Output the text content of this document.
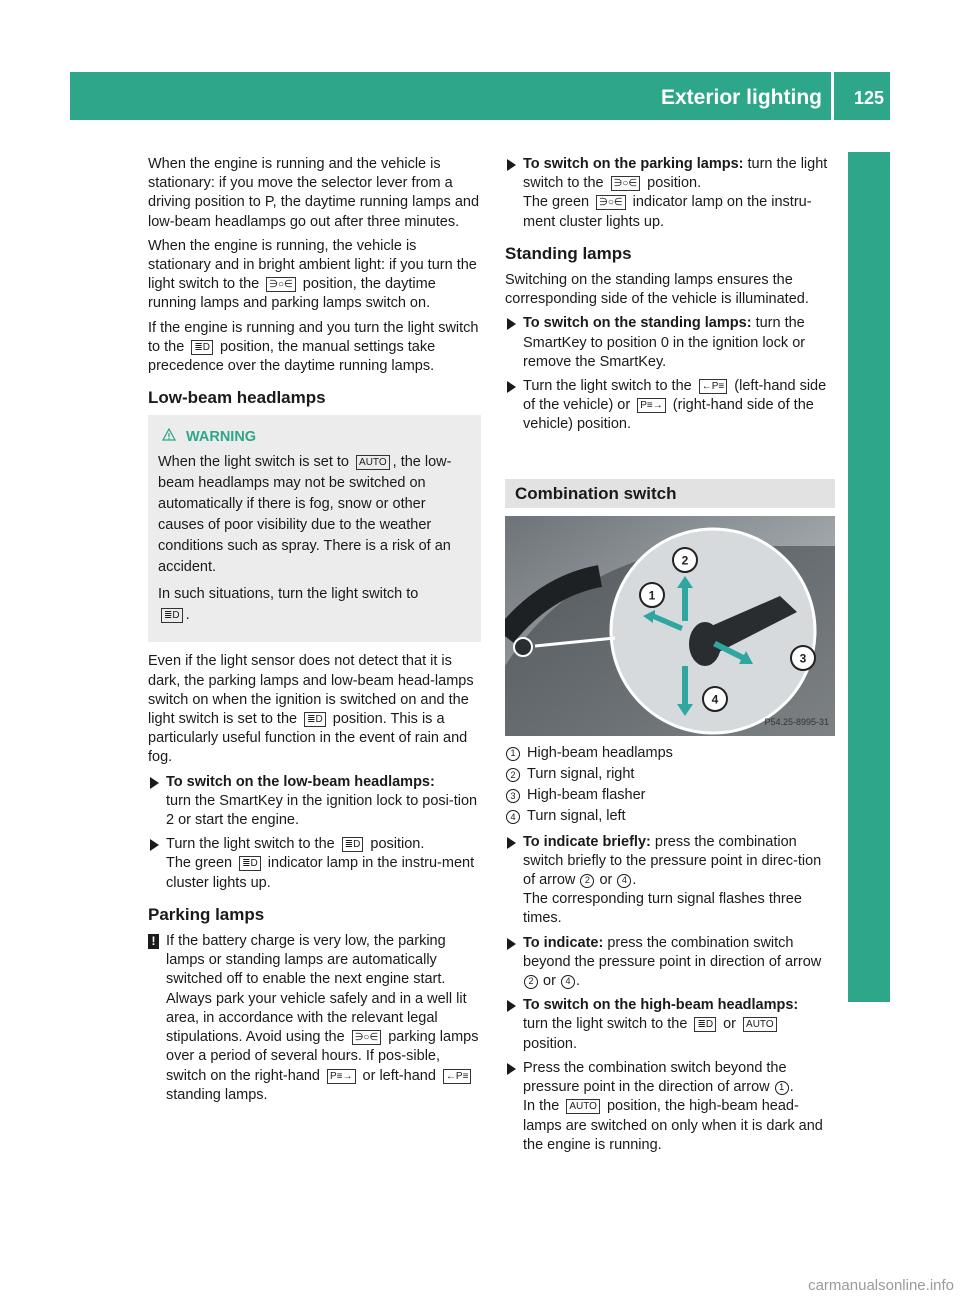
Exterior lighting 125
Lights and windshield wipers

When the engine is running and the vehicle is stationary: if you move the selector lever from a driving position to P, the daytime running lamps and low-beam headlamps go out after three minutes.

When the engine is running, the vehicle is stationary and in bright ambient light: if you turn the light switch to the ∋○∈ position, the daytime running lamps and parking lamps switch on.

If the engine is running and you turn the light switch to the ≣D position, the manual settings take precedence over the daytime running lamps.

Low-beam headlamps
WARNING

When the light switch is set to AUTO , the low-beam headlamps may not be switched on automatically if there is fog, snow or other causes of poor visibility due to the weather conditions such as spray. There is a risk of an accident.

In such situations, turn the light switch to
≣D .

Even if the light sensor does not detect that it is dark, the parking lamps and low-beam head-lamps switch on when the ignition is switched on and the light switch is set to the ≣D position. This is a particularly useful function in the event of rain and fog.

To switch on the low-beam headlamps:
turn the SmartKey in the ignition lock to posi-tion 2 or start the engine.
Turn the light switch to the ≣D position.
The green ≣D indicator lamp in the instru-ment cluster lights up.
Parking lamps
! If the battery charge is very low, the parking lamps or standing lamps are automatically switched off to enable the next engine start. Always park your vehicle safely and in a well lit area, in accordance with the relevant legal stipulations. Avoid using the ∋○∈ parking lamps over a period of several hours. If pos-sible, switch on the right-hand P≡→ or left-hand ←P≡ standing lamps.
To switch on the parking lamps: turn the light switch to the ∋○∈ position.
The green ∋○∈ indicator lamp on the instru-ment cluster lights up.
Standing lamps

Switching on the standing lamps ensures the corresponding side of the vehicle is illuminated.

To switch on the standing lamps: turn the SmartKey to position 0 in the ignition lock or remove the SmartKey.
Turn the light switch to the ←P≡ (left-hand side of the vehicle) or P≡→ (right-hand side of the vehicle) position.
Combination switch
2
1
3
4
P54.25-8995-31
1 High-beam headlamps
2 Turn signal, right
3 High-beam flasher
4 Turn signal, left
To indicate briefly: press the combination switch briefly to the pressure point in direc-tion of arrow 2 or 4 .
The corresponding turn signal flashes three times.
To indicate: press the combination switch beyond the pressure point in direction of arrow 2 or 4 .
To switch on the high-beam headlamps:
turn the light switch to the ≣D or AUTO
position.
Press the combination switch beyond the pressure point in the direction of arrow 1 .
In the AUTO position, the high-beam head-lamps are switched on only when it is dark and the engine is running.
carmanualsonline.info
